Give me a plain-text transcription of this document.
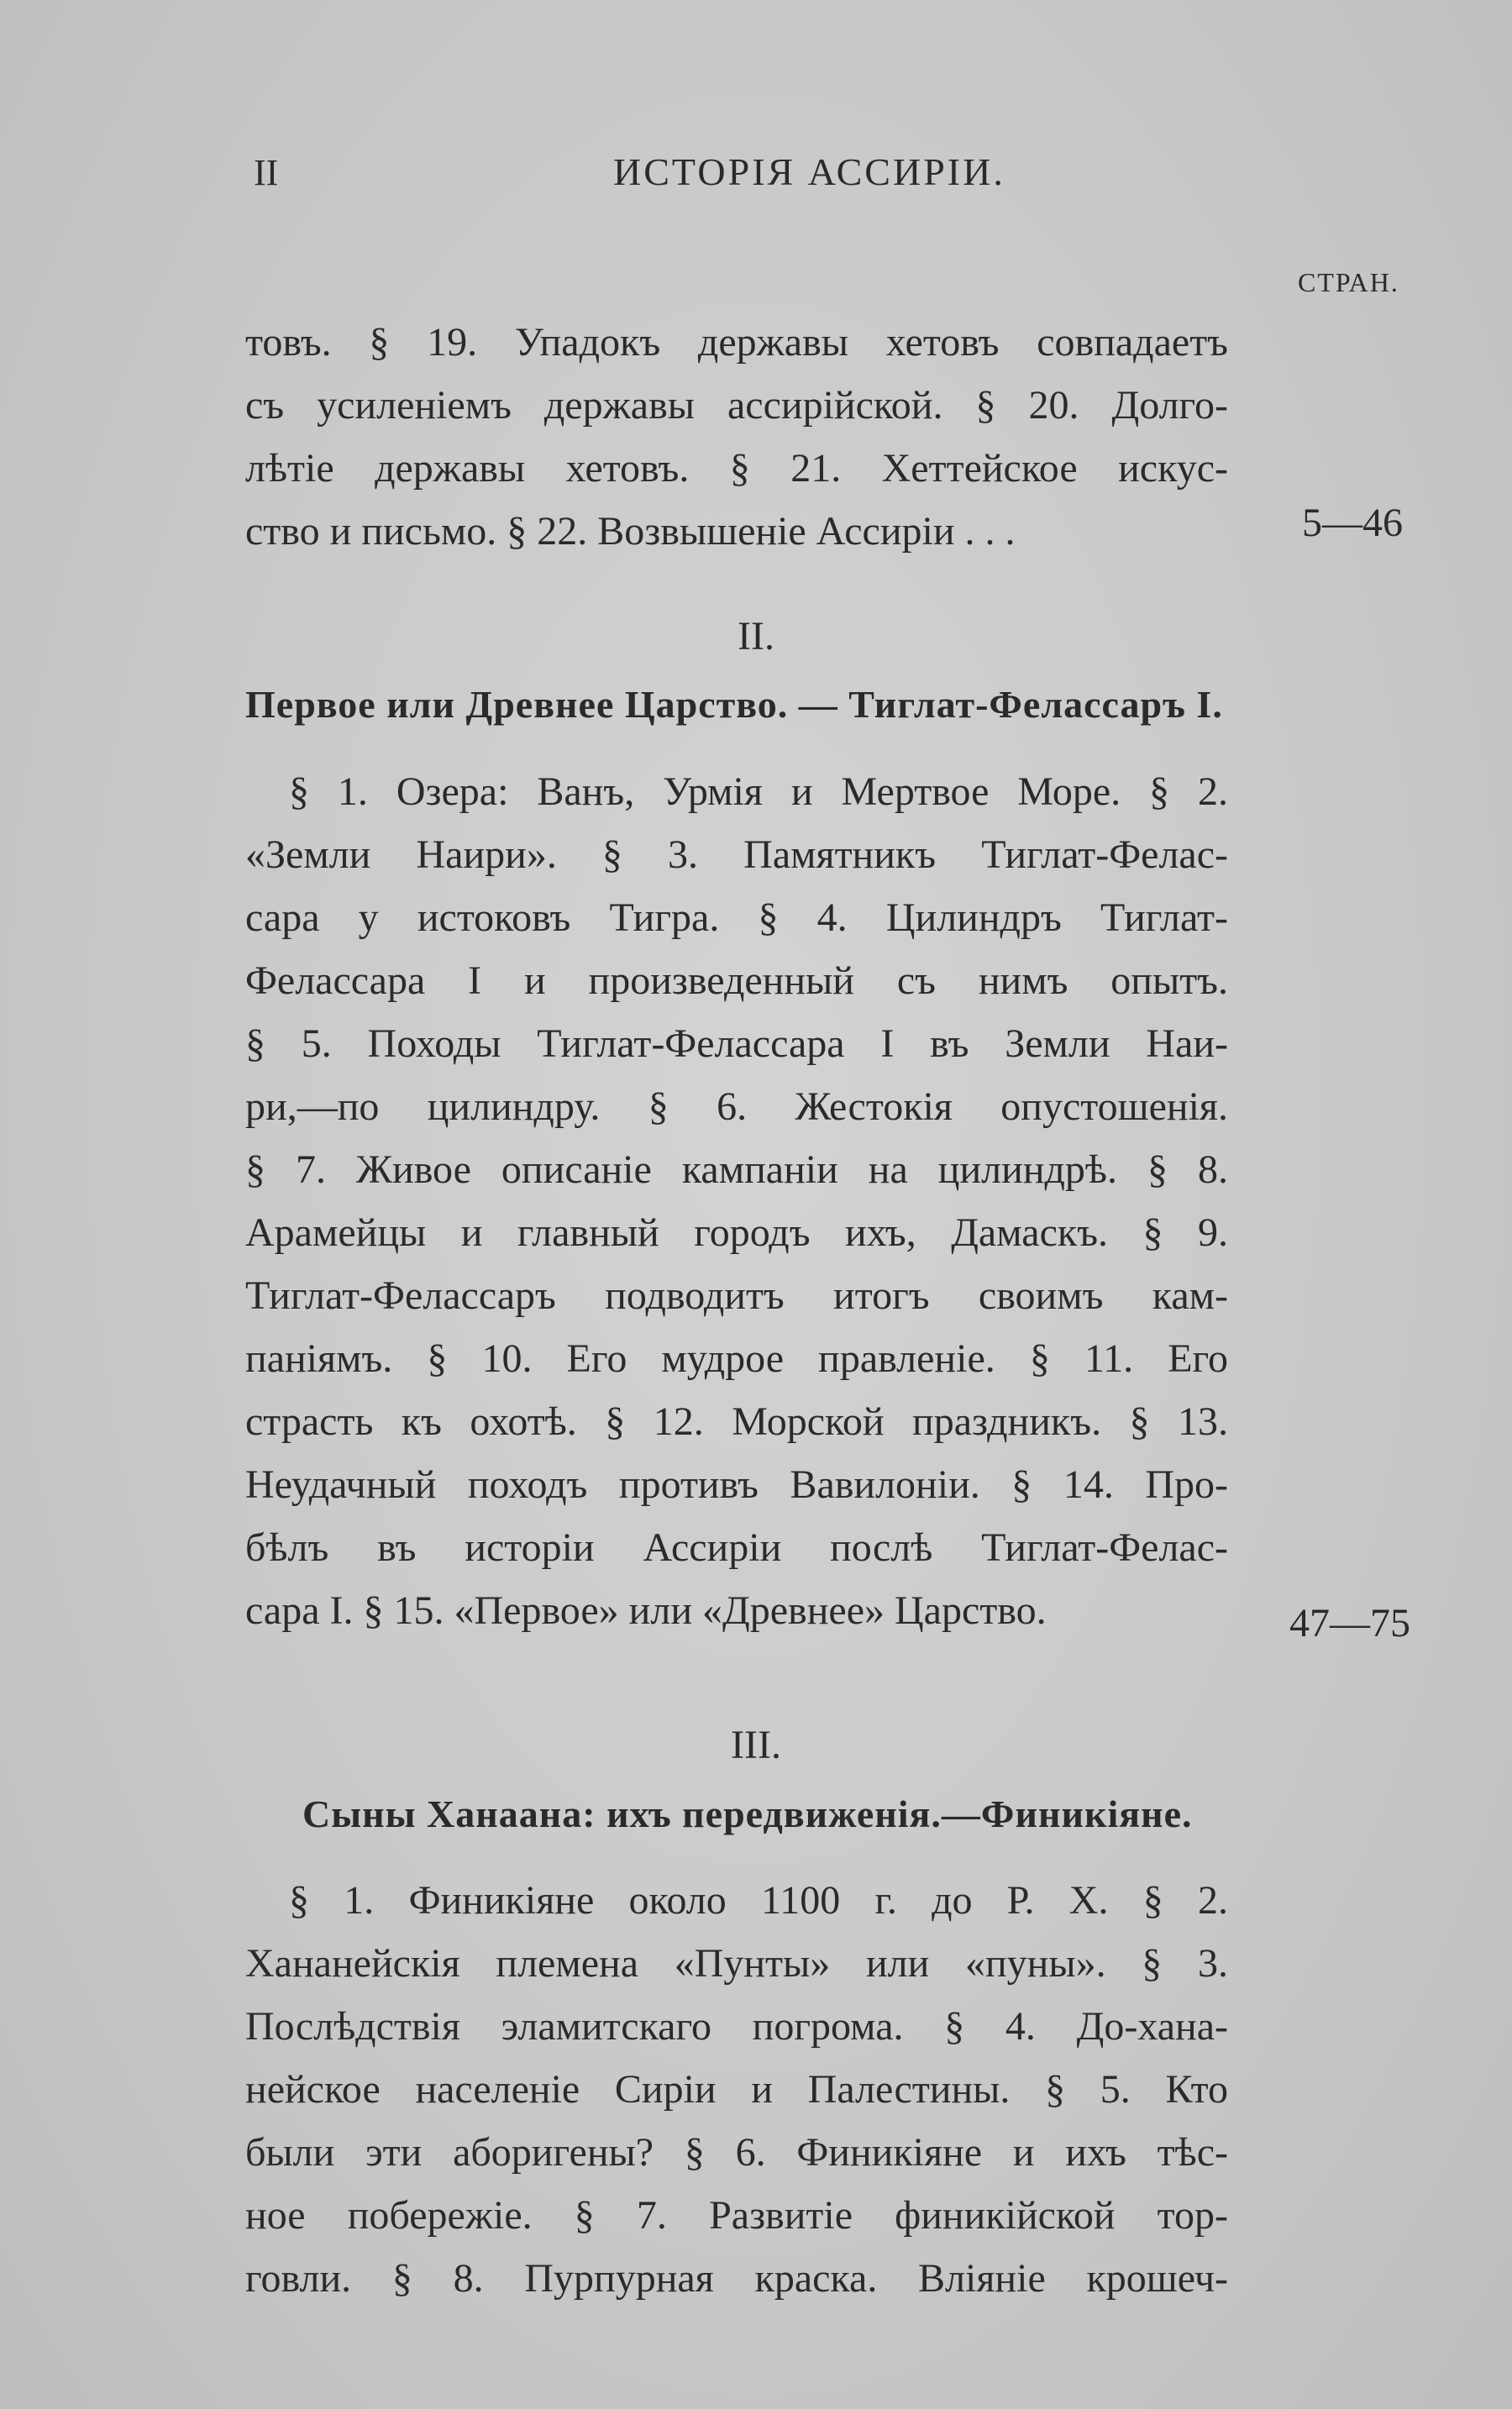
II	ИСТОРІЯ АССИРІИ.
СТРАН.
товъ. § 19. Упадокъ державы хетовъ совпадаетъ
съ усиленіемъ державы ассирійской. § 20. Долго-
лѣтіе державы хетовъ. § 21. Хеттейское искус-
ство и письмо. § 22. Возвышеніе Ассиріи . . .	5—46
II.
Первое или Древнее Царство. — Тиглат-Фелассаръ I.
§ 1. Озера: Ванъ, Урмія и Мертвое Море. § 2.
«Земли Наири». § 3. Памятникъ Тиглат-Фелас-
сара у истоковъ Тигра. § 4. Цилиндръ Тиглат-
Фелассара I и произведенный съ нимъ опытъ.
§ 5. Походы Тиглат-Фелассара I въ Земли Наи-
ри,—по цилиндру. § 6. Жестокія опустошенія.
§ 7. Живое описаніе кампаніи на цилиндрѣ. § 8.
Арамейцы и главный городъ ихъ, Дамаскъ. § 9.
Тиглат-Фелассаръ подводитъ итогъ своимъ кам-
паніямъ. § 10. Его мудрое правленіе. § 11. Его
страсть къ охотѣ. § 12. Морской праздникъ. § 13.
Неудачный походъ противъ Вавилоніи. § 14. Про-
бѣлъ въ исторіи Ассиріи послѣ Тиглат-Фелас-
сара I. § 15. «Первое» или «Древнее» Царство.	47—75
III.
Сыны Ханаана: ихъ передвиженія.—Финикіяне.
§ 1. Финикіяне около 1100 г. до Р. Х. § 2.
Хананейскія племена «Пунты» или «пуны». § 3.
Послѣдствія эламитскаго погрома. § 4. До-хана-
нейское населеніе Сиріи и Палестины. § 5. Кто
были эти аборигены? § 6. Финикіяне и ихъ тѣс-
ное побережіе. § 7. Развитіе финикійской тор-
говли. § 8. Пурпурная краска. Вліяніе крошеч-
